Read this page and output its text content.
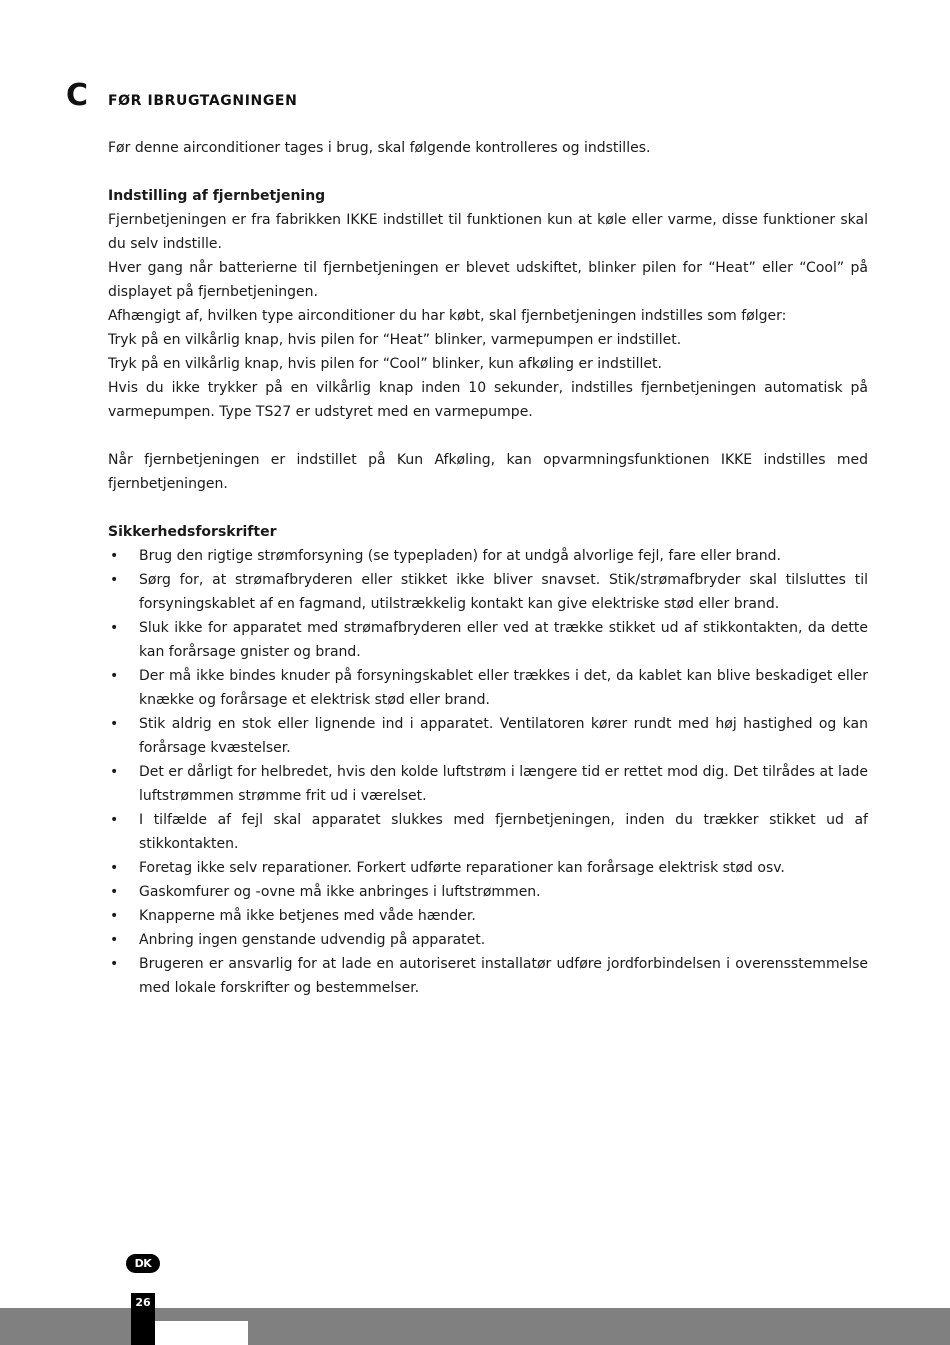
C FØR IBRUGTAGNINGEN

Før denne airconditioner tages i brug, skal følgende kontrolleres og indstilles.

Indstilling af fjernbetjening

Fjernbetjeningen er fra fabrikken IKKE indstillet til funktionen kun at køle eller varme, disse funktioner skal du selv indstille.

Hver gang når batterierne til fjernbetjeningen er blevet udskiftet, blinker pilen for “Heat” eller “Cool” på displayet på fjernbetjeningen.

Afhængigt af, hvilken type airconditioner du har købt, skal fjernbetjeningen indstilles som følger:

Tryk på en vilkårlig knap, hvis pilen for “Heat” blinker, varmepumpen er indstillet.

Tryk på en vilkårlig knap, hvis pilen for “Cool” blinker, kun afkøling er indstillet.

Hvis du ikke trykker på en vilkårlig knap inden 10 sekunder, indstilles fjernbetjeningen automatisk på varmepumpen. Type TS27 er udstyret med en varmepumpe.

Når fjernbetjeningen er indstillet på Kun Afkøling, kan opvarmningsfunktionen IKKE indstilles med fjernbetjeningen.

Sikkerhedsforskrifter

• Brug den rigtige strømforsyning (se typepladen) for at undgå alvorlige fejl, fare eller brand.
• Sørg for, at strømafbryderen eller stikket ikke bliver snavset. Stik/strømafbryder skal tilsluttes til forsyningskablet af en fagmand, utilstrækkelig kontakt kan give elektriske stød eller brand.
• Sluk ikke for apparatet med strømafbryderen eller ved at trække stikket ud af stikkontakten, da dette kan forårsage gnister og brand.
• Der må ikke bindes knuder på forsyningskablet eller trækkes i det, da kablet kan blive beskadiget eller knække og forårsage et elektrisk stød eller brand.
• Stik aldrig en stok eller lignende ind i apparatet. Ventilatoren kører rundt med høj hastighed og kan forårsage kvæstelser.
• Det er dårligt for helbredet, hvis den kolde luftstrøm i længere tid er rettet mod dig. Det tilrådes at lade luftstrømmen strømme frit ud i værelset.
• I tilfælde af fejl skal apparatet slukkes med fjernbetjeningen, inden du trækker stikket ud af stikkontakten.
• Foretag ikke selv reparationer. Forkert udførte reparationer kan forårsage elektrisk stød osv.
• Gaskomfurer og -ovne må ikke anbringes i luftstrømmen.
• Knapperne må ikke betjenes med våde hænder.
• Anbring ingen genstande udvendig på apparatet.
• Brugeren er ansvarlig for at lade en autoriseret installatør udføre jordforbindelsen i overensstemmelse med lokale forskrifter og bestemmelser.
DK
26
